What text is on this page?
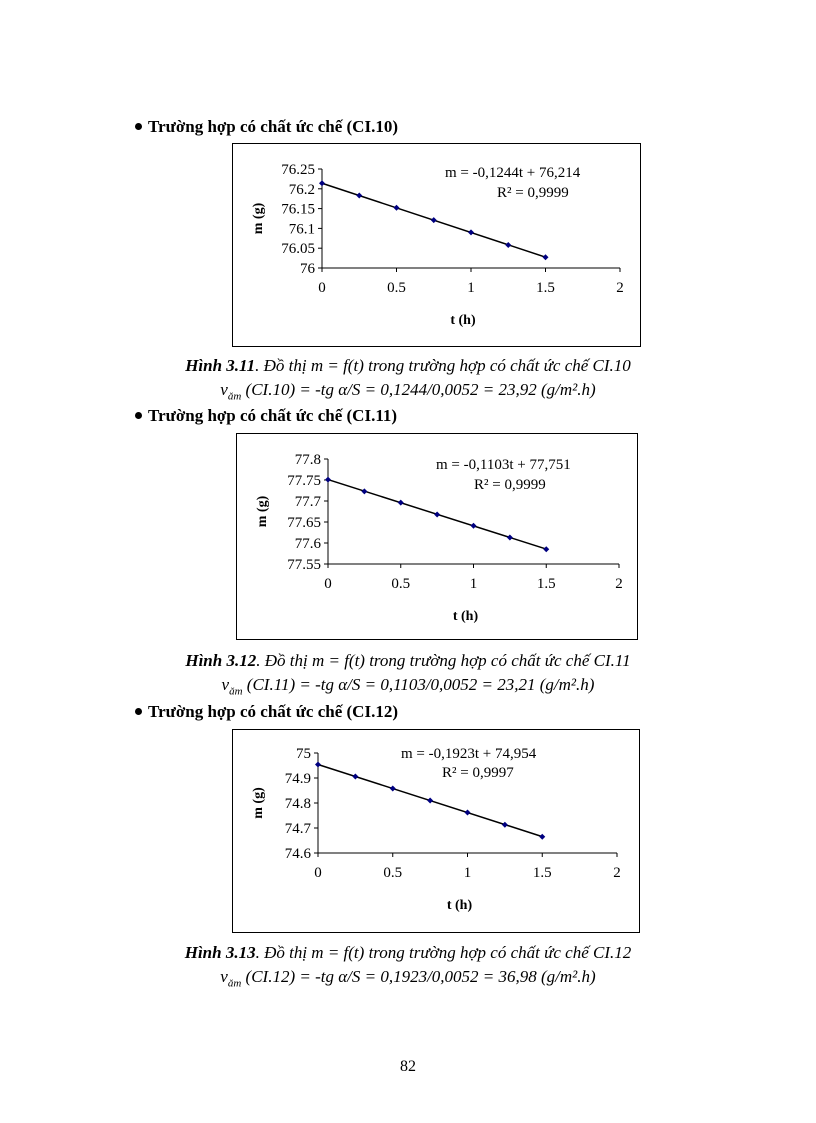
Trường hợp có chất ức chế (CI.10)
76
76.05
76.1
76.15
76.2
76.25
0	0.5	1	1.5	2
t (h)
m (g)
m = -0,1244t + 76,214
R² = 0,9999
Hình 3.11. Đồ thị m = f(t) trong trường hợp có chất ức chế CI.10
$v_{ăm}$ (CI.10) = -tg α/S = 0,1244/0,0052 = 23,92 (g/m².h)
Trường hợp có chất ức chế (CI.11)
77.55
77.6
77.65
77.7
77.75
77.8
0	0.5	1	1.5	2
t (h)
m (g)
m = -0,1103t + 77,751
R² = 0,9999
Hình 3.12. Đồ thị m = f(t) trong trường hợp có chất ức chế CI.11
$v_{ăm}$ (CI.11) = -tg α/S = 0,1103/0,0052 = 23,21 (g/m².h)
Trường hợp có chất ức chế (CI.12)
74.6
74.7
74.8
74.9
75
0	0.5	1	1.5	2
t (h)
m (g)
m = -0,1923t + 74,954
R² = 0,9997
Hình 3.13. Đồ thị m = f(t) trong trường hợp có chất ức chế CI.12
$v_{ăm}$ (CI.12) = -tg α/S = 0,1923/0,0052 = 36,98 (g/m².h)
82
